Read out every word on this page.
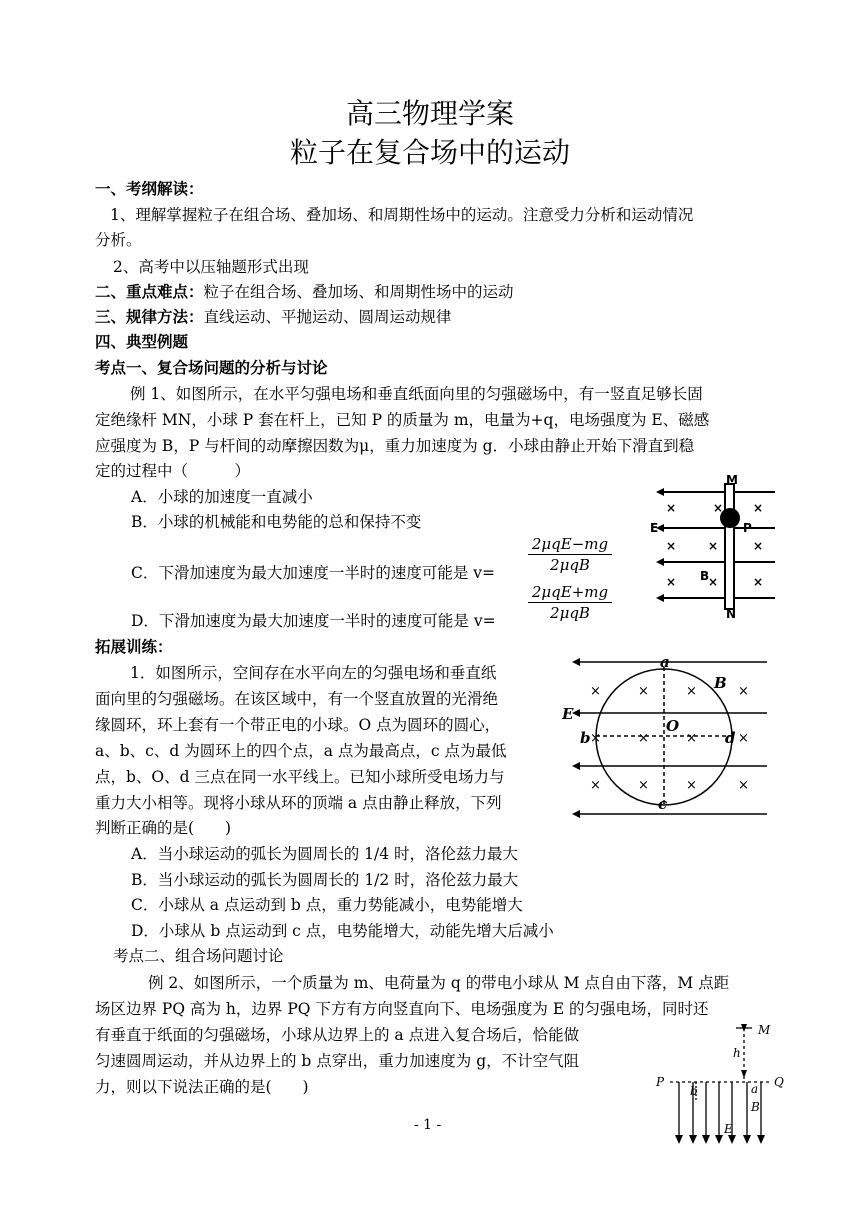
高三物理学案
粒子在复合场中的运动
一、考纲解读：
1、理解掌握粒子在组合场、叠加场、和周期性场中的运动。注意受力分析和运动情况
分析。
2、高考中以压轴题形式出现
二、重点难点：粒子在组合场、叠加场、和周期性场中的运动
三、规律方法：直线运动、平抛运动、圆周运动规律
四、典型例题
考点一、复合场问题的分析与讨论
例 1、如图所示，在水平匀强电场和垂直纸面向里的匀强磁场中，有一竖直足够长固
定绝缘杆 MN，小球 P 套在杆上，已知 P 的质量为 m，电量为+q，电场强度为 E、磁感
应强度为 B，P 与杆间的动摩擦因数为μ，重力加速度为 g．小球由静止开始下滑直到稳
定的过程中（　　　）
A．小球的加速度一直减小
B．小球的机械能和电势能的总和保持不变
C．下滑加速度为最大加速度一半时的速度可能是 v=
2μqE−mg
2μqB
D．下滑加速度为最大加速度一半时的速度可能是 v=
2μqE+mg
2μqB
×	× ×
×	×	×
×	×	×
M
P
E
B
N
拓展训练：
1．如图所示，空间存在水平向左的匀强电场和垂直纸
面向里的匀强磁场。在该区域中，有一个竖直放置的光滑绝
缘圆环，环上套有一个带正电的小球。O 点为圆环的圆心，
a、b、c、d 为圆环上的四个点，a 点为最高点，c 点为最低
点，b、O、d 三点在同一水平线上。已知小球所受电场力与
重力大小相等。现将小球从环的顶端 a 点由静止释放，下列
判断正确的是(　　)
A．当小球运动的弧长为圆周长的 1/4 时，洛伦兹力最大
B．当小球运动的弧长为圆周长的 1/2 时，洛伦兹力最大
C．小球从 a 点运动到 b 点，重力势能减小，电势能增大
D．小球从 b 点运动到 c 点，电势能增大，动能先增大后减小
×	×	×	×
×	×	×	×
×	×	×	×
a
B
E
O
b	d
c
考点二、组合场问题讨论
例 2、如图所示，一个质量为 m、电荷量为 q 的带电小球从 M 点自由下落，M 点距
场区边界 PQ 高为 h，边界 PQ 下方有方向竖直向下、电场强度为 E 的匀强电场，同时还
有垂直于纸面的匀强磁场，小球从边界上的 a 点进入复合场后，恰能做
匀速圆周运动，并从边界上的 b 点穿出，重力加速度为 g，不计空气阻
力，则以下说法正确的是(　　)
M
h
P	Q
a
b
B
E
- 1 -
